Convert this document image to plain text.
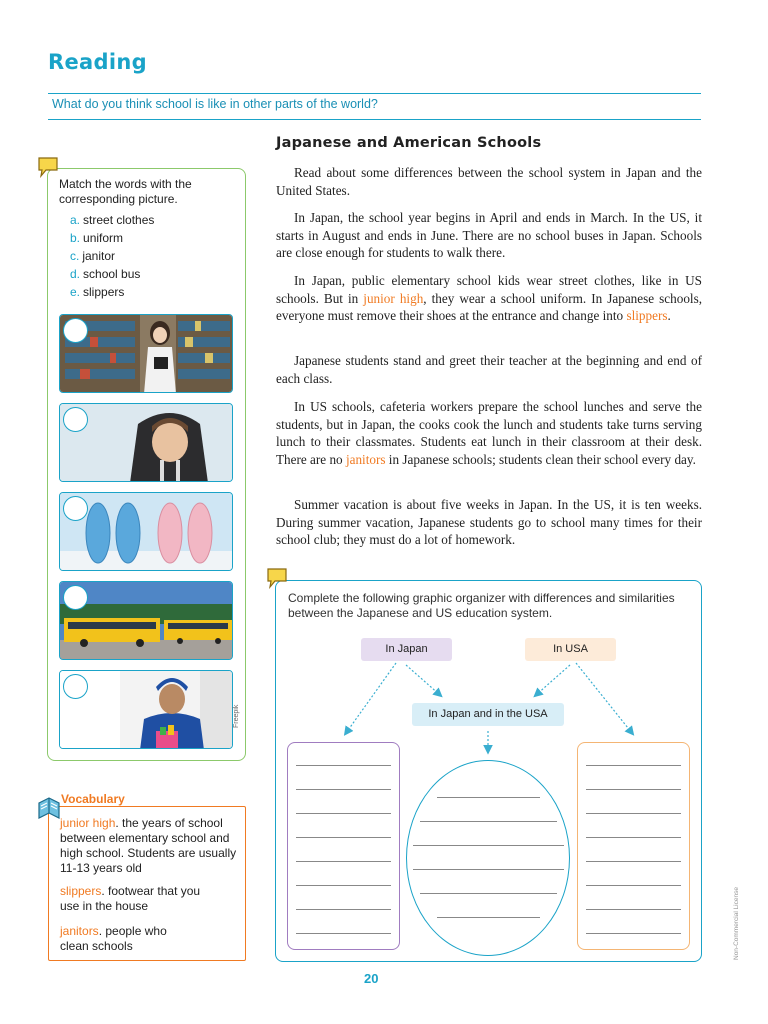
Reading
What do you think school is like in other parts of the world?
Match the words with the corresponding picture.
a. street clothes
b. uniform
c. janitor
d. school bus
e. slippers
Freepik
Vocabulary
junior high. the years of school between elementary school and high school. Students are usually 11-13 years old
slippers. footwear that you use in the house
janitors. people who clean schools
Japanese and American Schools

Read about some differences between the school system in Japan and the United States.

In Japan, the school year begins in April and ends in March. In the US, it starts in August and ends in June. There are no school buses in Japan. Schools are close enough for students to walk there.

In Japan, public elementary school kids wear street clothes, like in US schools. But in junior high, they wear a school uniform. In Japanese schools, everyone must remove their shoes at the entrance and change into slippers.

Japanese students stand and greet their teacher at the beginning and end of each class.

In US schools, cafeteria workers prepare the school lunches and serve the students, but in Japan, the cooks cook the lunch and students take turns serving lunch to their classmates. Students eat lunch in their classroom at their desk. There are no janitors in Japanese schools; students clean their school every day.

Summer vacation is about five weeks in Japan. In the US, it is ten weeks. During summer vacation, Japanese students go to school many times for their school club; they must do a lot of homework.

Complete the following graphic organizer with differences and similarities between the Japanese and US education system.
In Japan	In USA
In Japan and in the USA
20
Non-Commercial License
